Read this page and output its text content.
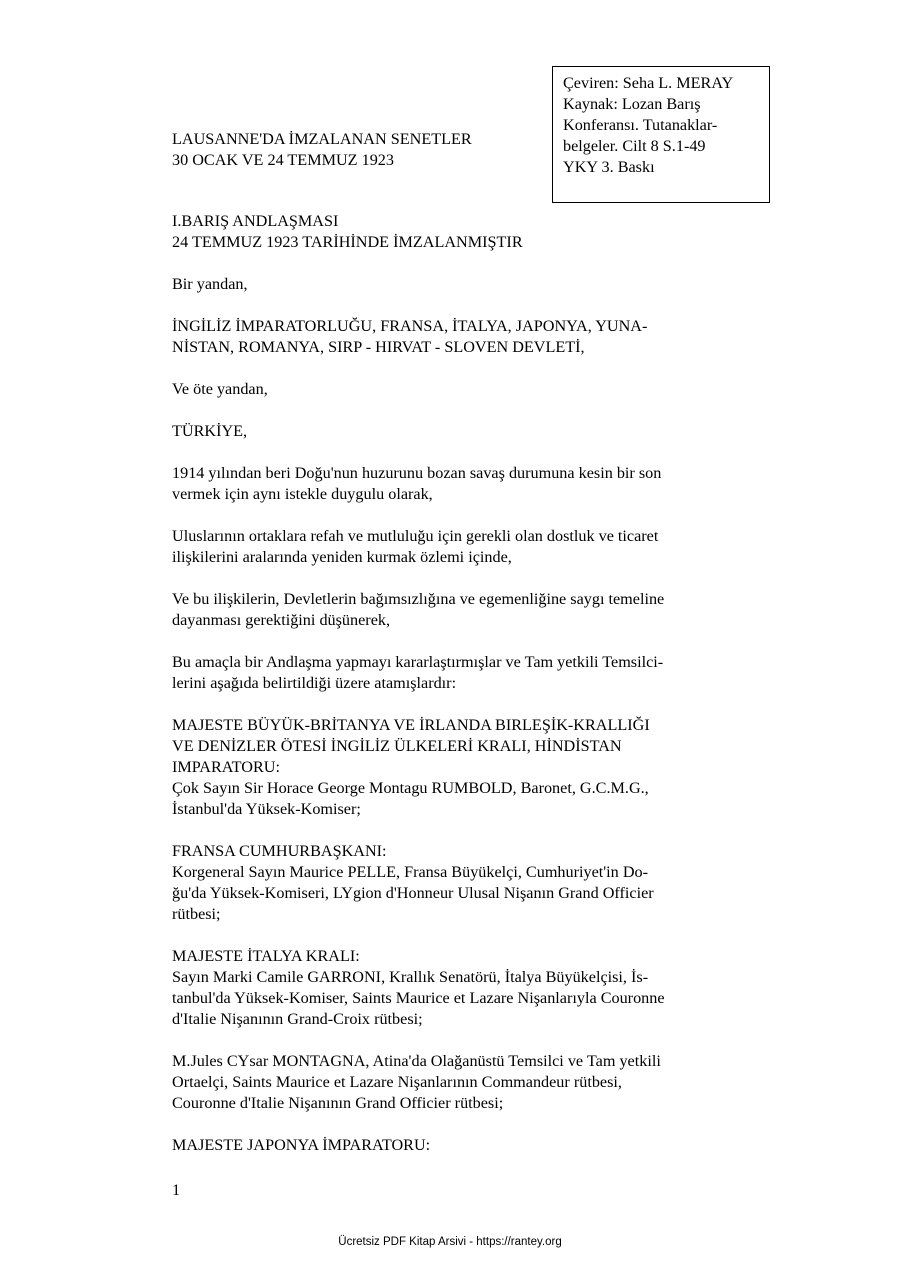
Çeviren: Seha L. MERAY
Kaynak: Lozan Barış
Konferansı. Tutanaklar-
belgeler. Cilt 8 S.1-49
YKY 3. Baskı
LAUSANNE'DA İMZALANAN SENETLER
30 OCAK VE 24 TEMMUZ 1923
I.BARIŞ ANDLAŞMASI
24 TEMMUZ 1923 TARİHİNDE İMZALANMIŞTIR
Bir yandan,
İNGİLİZ İMPARATORLUĞU, FRANSA, İTALYA, JAPONYA, YUNA-
NİSTAN, ROMANYA, SIRP - HIRVAT - SLOVEN DEVLETİ,
Ve öte yandan,
TÜRKİYE,
1914 yılından beri Doğu'nun huzurunu bozan savaş durumuna kesin bir son
vermek için aynı istekle duygulu olarak,
Uluslarının ortaklara refah ve mutluluğu için gerekli olan dostluk ve ticaret
ilişkilerini aralarında yeniden kurmak özlemi içinde,
Ve bu ilişkilerin, Devletlerin bağımsızlığına ve egemenliğine saygı temeline
dayanması gerektiğini düşünerek,
Bu amaçla bir Andlaşma yapmayı kararlaştırmışlar ve Tam yetkili Temsilci-
lerini aşağıda belirtildiği üzere atamışlardır:
MAJESTE BÜYÜK-BRİTANYA VE İRLANDA BIRLEŞİK-KRALLIĞI
VE DENİZLER ÖTESİ İNGİLİZ ÜLKELERİ KRALI, HİNDİSTAN
IMPARATORU:
Çok Sayın Sir Horace George Montagu RUMBOLD, Baronet, G.C.M.G.,
İstanbul'da Yüksek-Komiser;
FRANSA CUMHURBAŞKANI:
Korgeneral Sayın Maurice PELLE, Fransa Büyükelçi, Cumhuriyet'in Do-
ğu'da Yüksek-Komiseri, LYgion d'Honneur Ulusal Nişanın Grand Officier
rütbesi;
MAJESTE İTALYA KRALI:
Sayın Marki Camile GARRONI, Krallık Senatörü, İtalya Büyükelçisi, İs-
tanbul'da Yüksek-Komiser, Saints Maurice et Lazare Nişanlarıyla Couronne
d'Italie Nişanının Grand-Croix rütbesi;
M.Jules CYsar MONTAGNA, Atina'da Olağanüstü Temsilci ve Tam yetkili
Ortaelçi, Saints Maurice et Lazare Nişanlarının Commandeur rütbesi,
Couronne d'Italie Nişanının Grand Officier rütbesi;
MAJESTE JAPONYA İMPARATORU:
1
Ücretsiz PDF Kitap Arsivi - https://rantey.org
